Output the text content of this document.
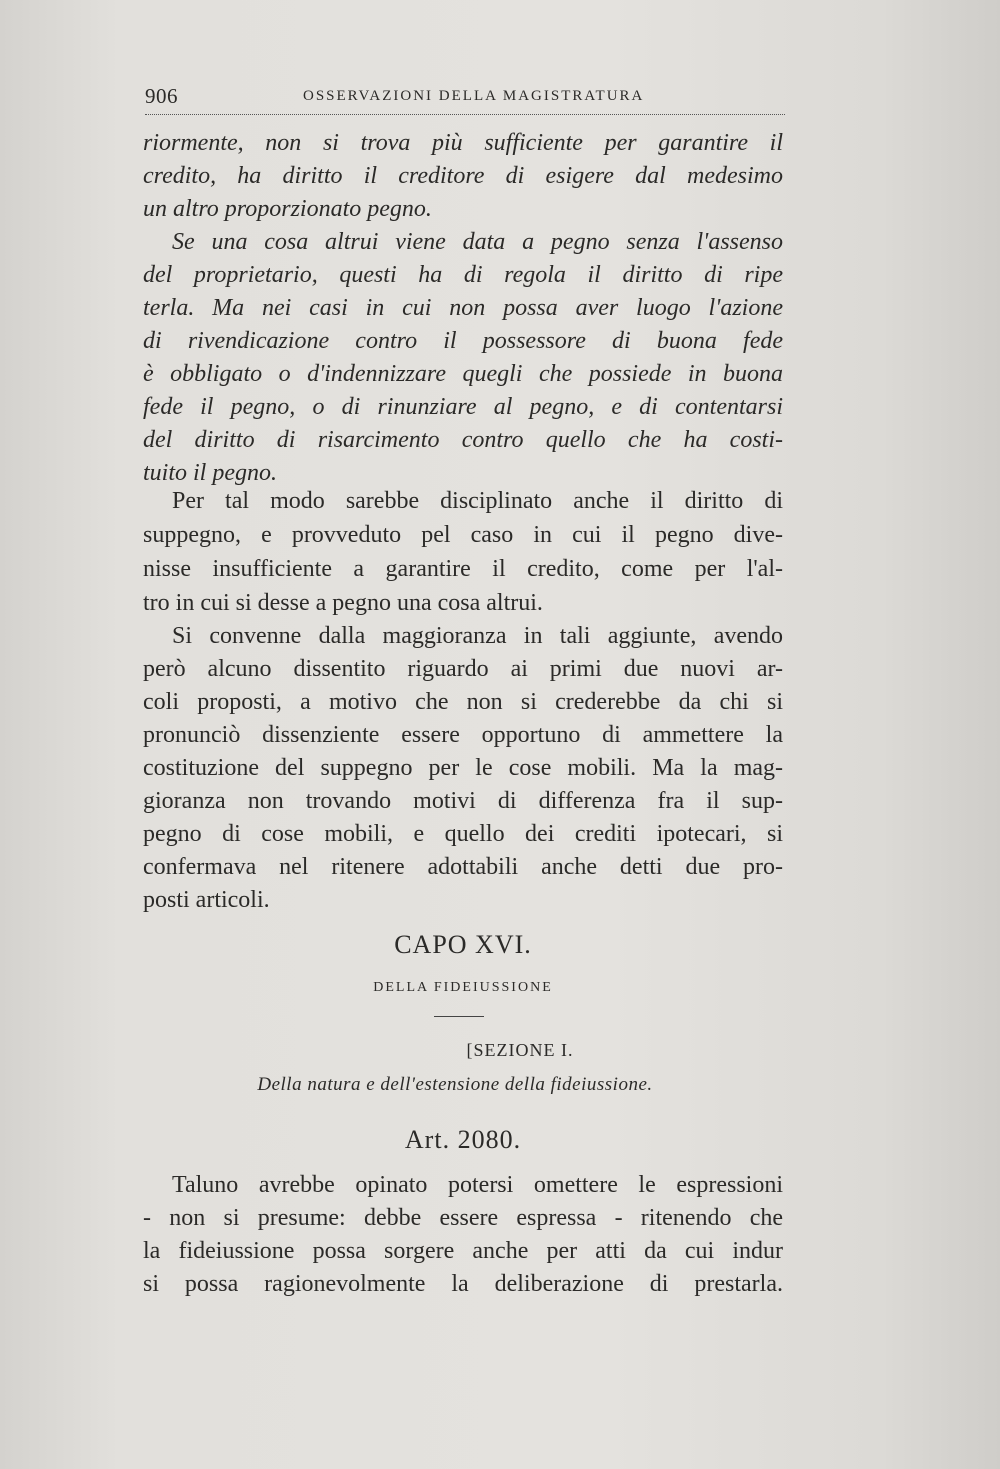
906	OSSERVAZIONI DELLA MAGISTRATURA
riormente, non si trova più sufficiente per garantire il
credito, ha diritto il creditore di esigere dal medesimo
un altro proporzionato pegno.
Se una cosa altrui viene data a pegno senza l'assenso
del proprietario, questi ha di regola il diritto di ripe
terla. Ma nei casi in cui non possa aver luogo l'azione
di rivendicazione contro il possessore di buona fede
è obbligato o d'indennizzare quegli che possiede in buona
fede il pegno, o di rinunziare al pegno, e di contentarsi
del diritto di risarcimento contro quello che ha costi-
tuito il pegno.
Per tal modo sarebbe disciplinato anche il diritto di
suppegno, e provveduto pel caso in cui il pegno dive-
nisse insufficiente a garantire il credito, come per l'al-
tro in cui si desse a pegno una cosa altrui.
Si convenne dalla maggioranza in tali aggiunte, avendo
però alcuno dissentito riguardo ai primi due nuovi ar-
coli proposti, a motivo che non si crederebbe da chi si
pronunciò dissenziente essere opportuno di ammettere la
costituzione del suppegno per le cose mobili. Ma la mag-
gioranza non trovando motivi di differenza fra il sup-
pegno di cose mobili, e quello dei crediti ipotecari, si
confermava nel ritenere adottabili anche detti due pro-
posti articoli.
CAPO XVI.
DELLA FIDEIUSSIONE
[SEZIONE I.
Della natura e dell'estensione della fideiussione.
Art. 2080.
Taluno avrebbe opinato potersi omettere le espressioni
- non si presume: debbe essere espressa - ritenendo che
la fideiussione possa sorgere anche per atti da cui indur
si possa ragionevolmente la deliberazione di prestarla.
